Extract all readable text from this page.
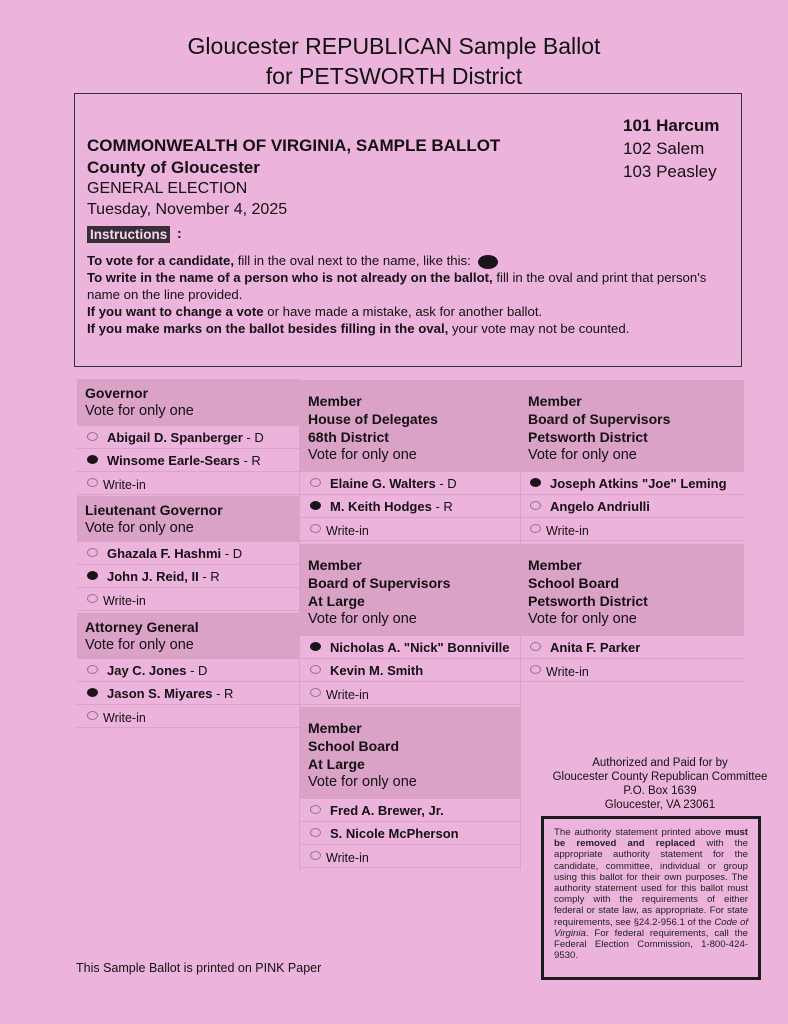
Gloucester REPUBLICAN Sample Ballot
for PETSWORTH District
COMMONWEALTH OF VIRGINIA, SAMPLE BALLOT
County of Gloucester
GENERAL ELECTION
Tuesday, November 4, 2025
Instructions :
101 Harcum
102 Salem
103 Peasley
To vote for a candidate, fill in the oval next to the name, like this:
To write in the name of a person who is not already on the ballot, fill in the oval and print that person's name on the line provided.
If you want to change a vote or have made a mistake, ask for another ballot.
If you make marks on the ballot besides filling in the oval, your vote may not be counted.
Governor
Vote for only one
Abigail D. Spanberger - D
Winsome Earle-Sears - R
Write-in
Lieutenant Governor
Vote for only one
Ghazala F. Hashmi - D
John J. Reid, II - R
Write-in
Attorney General
Vote for only one
Jay C. Jones - D
Jason S. Miyares - R
Write-in
Member
House of Delegates
68th District
Vote for only one
Elaine G. Walters - D
M. Keith Hodges - R
Write-in
Member
Board of Supervisors
At Large
Vote for only one
Nicholas A. "Nick" Bonniville
Kevin M. Smith
Write-in
Member
School Board
At Large
Vote for only one
Fred A. Brewer, Jr.
S. Nicole McPherson
Write-in
Member
Board of Supervisors
Petsworth District
Vote for only one
Joseph Atkins "Joe" Leming
Angelo Andriulli
Write-in
Member
School Board
Petsworth District
Vote for only one
Anita F. Parker
Write-in
Authorized and Paid for by
Gloucester County Republican Committee
P.O. Box 1639
Gloucester, VA 23061
The authority statement printed above must be removed and replaced with the appropriate authority statement for the candidate, committee, individual or group using this ballot for their own purposes. The authority statement used for this ballot must comply with the requirements of either federal or state law, as appropriate. For state requirements, see §24.2-956.1 of the Code of Virginia. For federal requirements, call the Federal Election Commission, 1-800-424-9530.
This Sample Ballot is printed on PINK Paper
